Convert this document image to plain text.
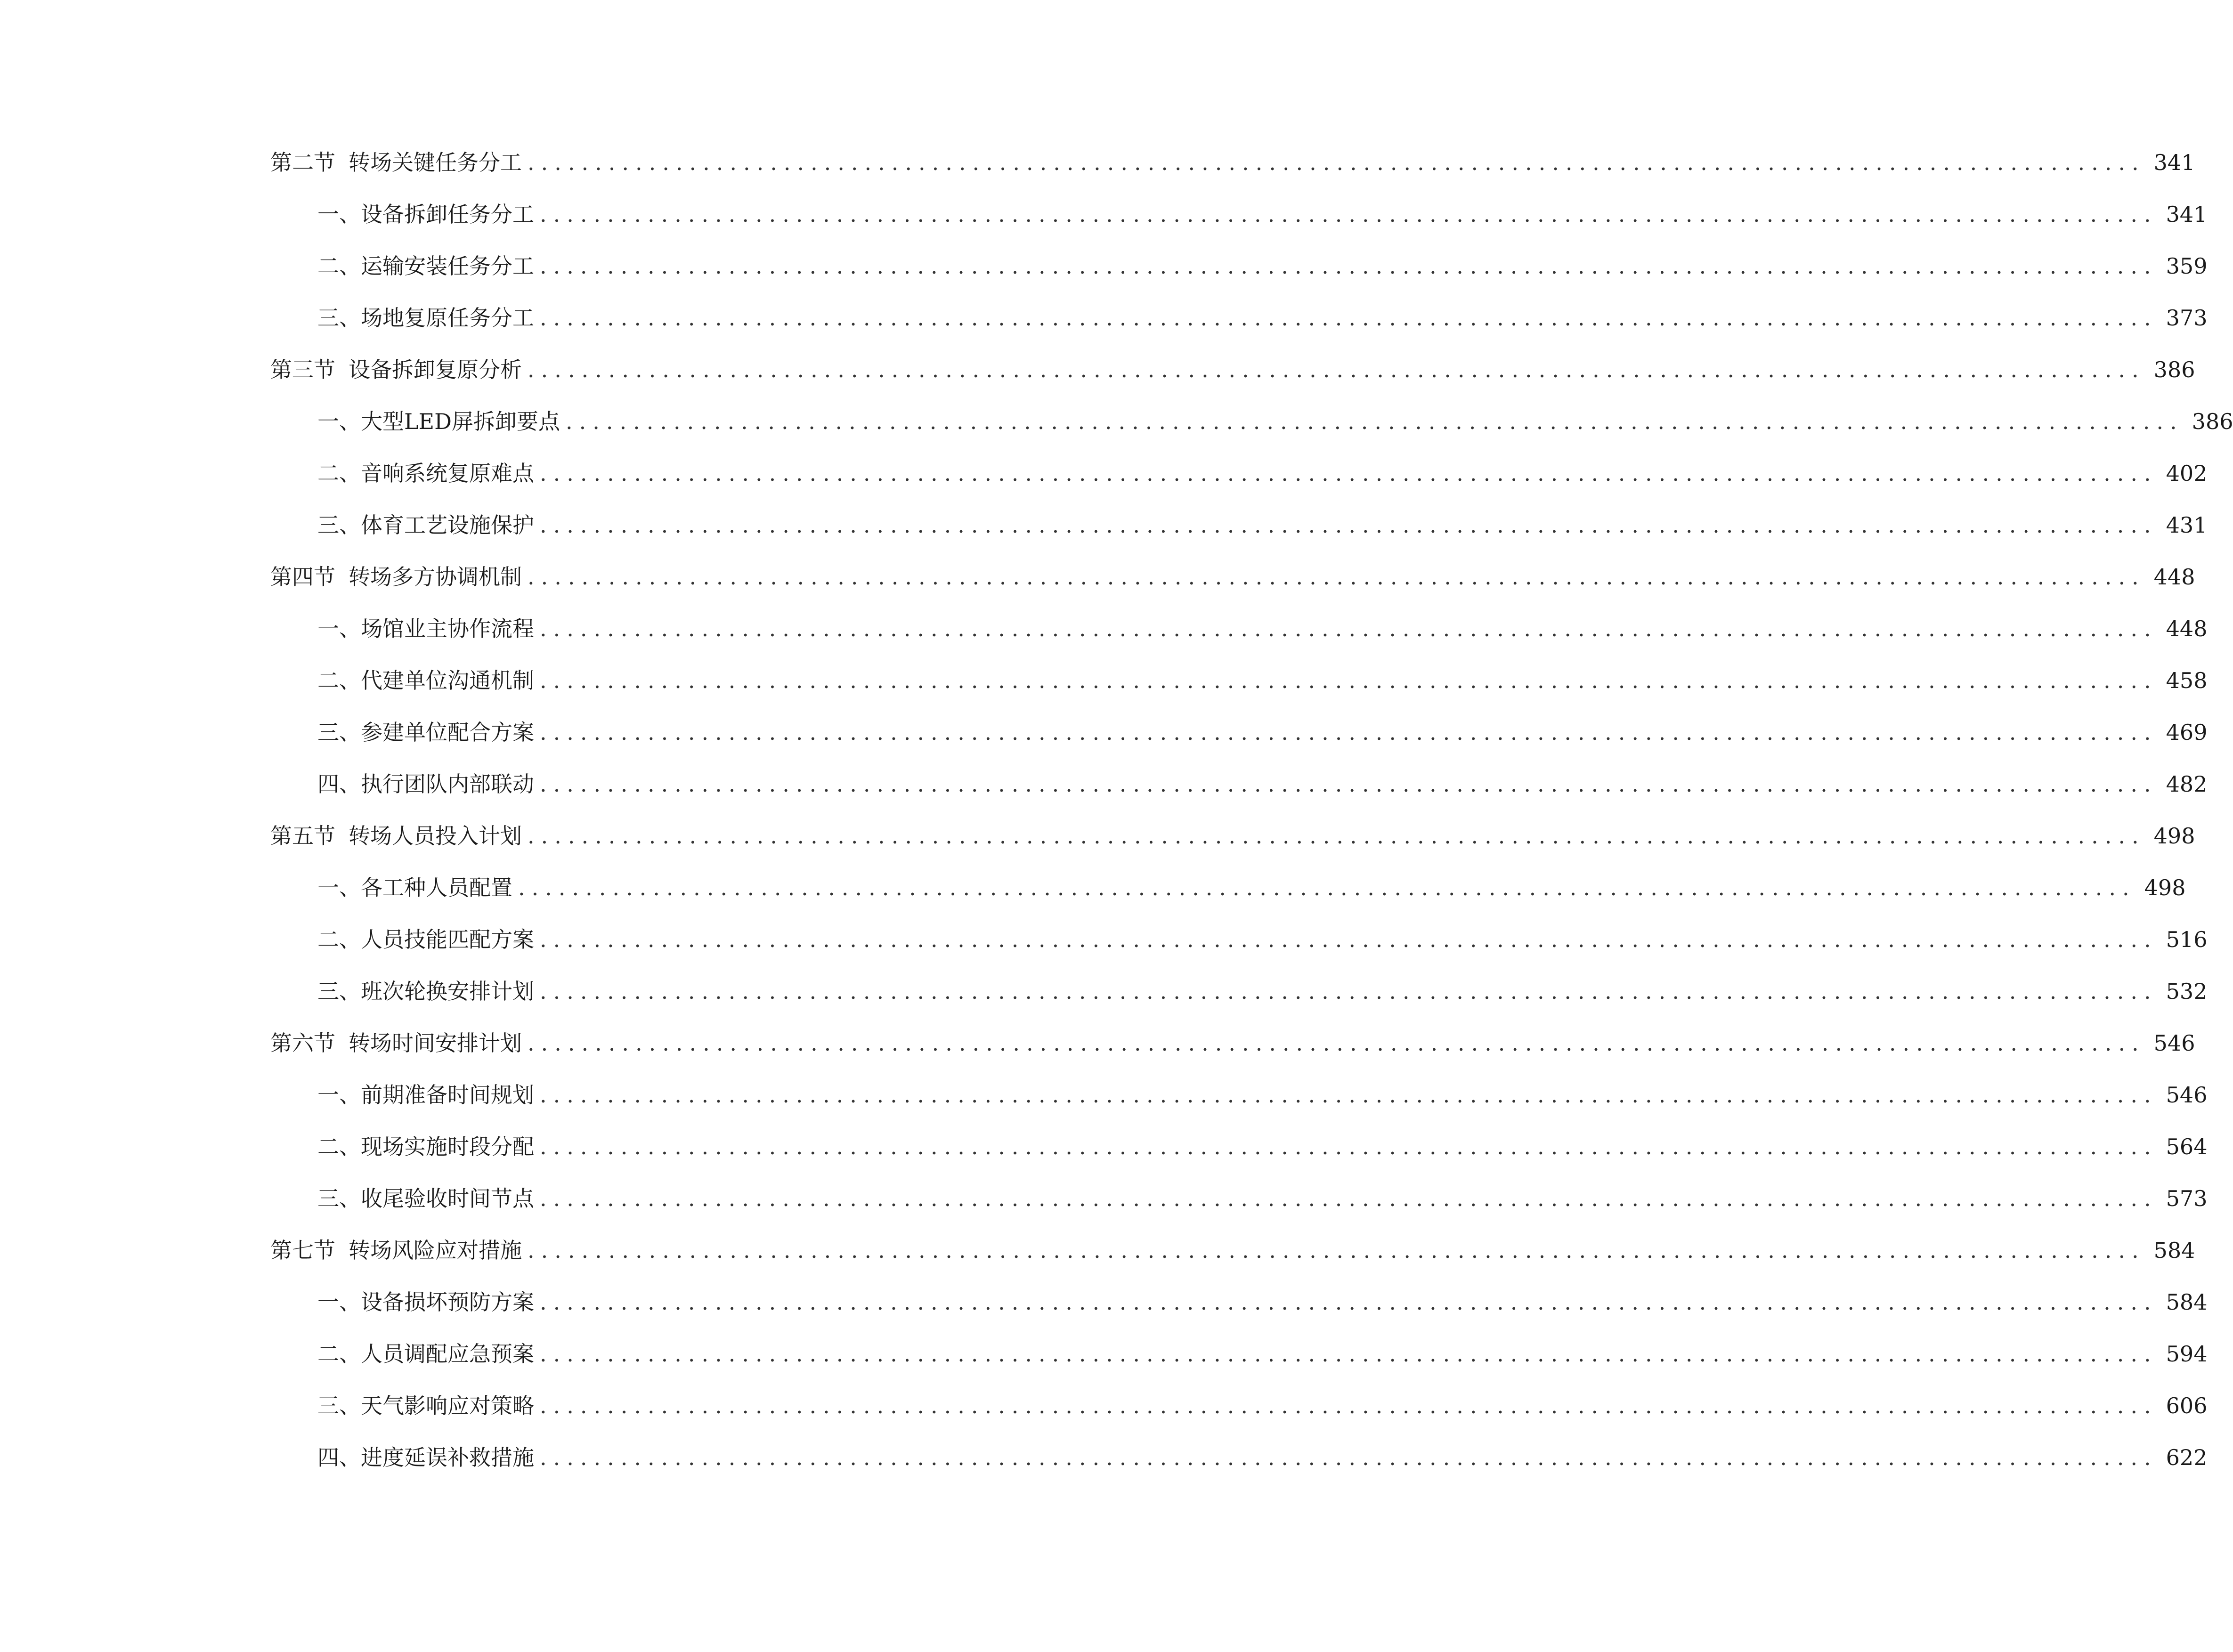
第二节 转场关键任务分工 ........................................................................................................................ 341
一、 设备拆卸任务分工 ........................................................................................................................ 341
二、 运输安装任务分工 ........................................................................................................................ 359
三、 场地复原任务分工 ........................................................................................................................ 373
第三节 设备拆卸复原分析 ........................................................................................................................ 386
一、 大型LED屏拆卸要点 ........................................................................................................................ 386
二、 音响系统复原难点 ........................................................................................................................ 402
三、 体育工艺设施保护 ........................................................................................................................ 431
第四节 转场多方协调机制 ........................................................................................................................ 448
一、 场馆业主协作流程 ........................................................................................................................ 448
二、 代建单位沟通机制 ........................................................................................................................ 458
三、 参建单位配合方案 ........................................................................................................................ 469
四、 执行团队内部联动 ........................................................................................................................ 482
第五节 转场人员投入计划 ........................................................................................................................ 498
一、 各工种人员配置 ........................................................................................................................ 498
二、 人员技能匹配方案 ........................................................................................................................ 516
三、 班次轮换安排计划 ........................................................................................................................ 532
第六节 转场时间安排计划 ........................................................................................................................ 546
一、 前期准备时间规划 ........................................................................................................................ 546
二、 现场实施时段分配 ........................................................................................................................ 564
三、 收尾验收时间节点 ........................................................................................................................ 573
第七节 转场风险应对措施 ........................................................................................................................ 584
一、 设备损坏预防方案 ........................................................................................................................ 584
二、 人员调配应急预案 ........................................................................................................................ 594
三、 天气影响应对策略 ........................................................................................................................ 606
四、 进度延误补救措施 ........................................................................................................................ 622
